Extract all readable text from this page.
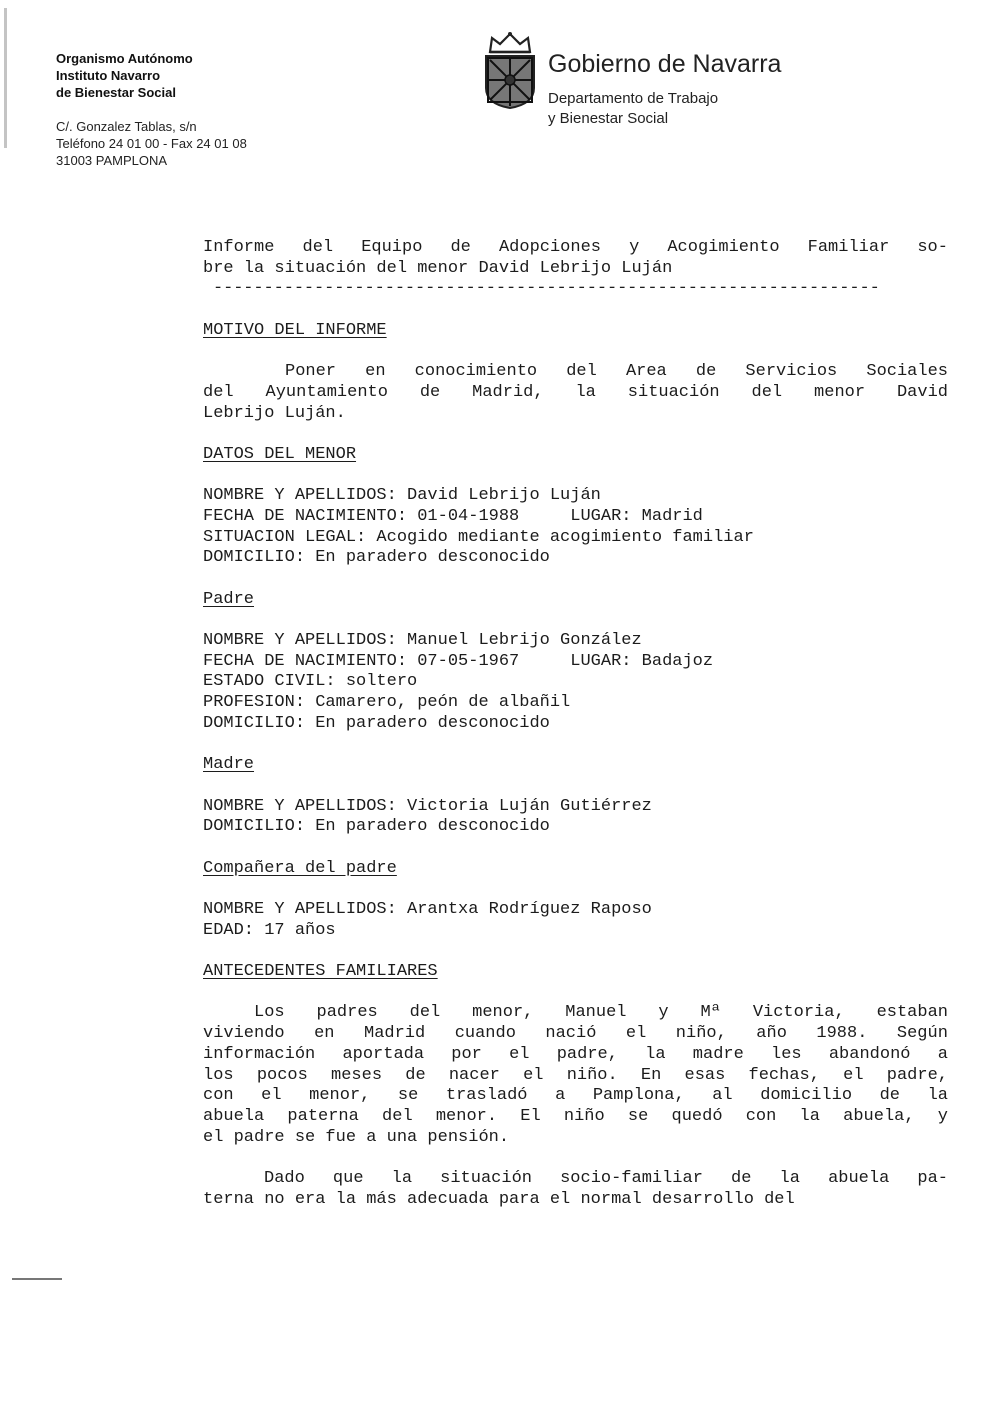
Organismo Autónomo
Instituto Navarro
de Bienestar Social
C/. Gonzalez Tablas, s/n
Teléfono 24 01 00 - Fax 24 01 08
31003 PAMPLONA
Gobierno de Navarra
Departamento de Trabajo
y Bienestar Social
Informe del Equipo de Adopciones y Acogimiento Familiar so-
bre la situación del menor David Lebrijo Luján
------------------------------------------------------------------
MOTIVO DEL INFORME
Poner en conocimiento del Area de Servicios Sociales
del Ayuntamiento de Madrid, la situación del menor David
Lebrijo Luján.
DATOS DEL MENOR
NOMBRE Y APELLIDOS: David Lebrijo Luján
FECHA DE NACIMIENTO: 01-04-1988     LUGAR: Madrid
SITUACION LEGAL: Acogido mediante acogimiento familiar
DOMICILIO: En paradero desconocido
Padre
NOMBRE Y APELLIDOS: Manuel Lebrijo González
FECHA DE NACIMIENTO: 07-05-1967     LUGAR: Badajoz
ESTADO CIVIL: soltero
PROFESION: Camarero, peón de albañil
DOMICILIO: En paradero desconocido
Madre
NOMBRE Y APELLIDOS: Victoria Luján Gutiérrez
DOMICILIO: En paradero desconocido
Compañera del padre
NOMBRE Y APELLIDOS: Arantxa Rodríguez Raposo
EDAD: 17 años
ANTECEDENTES FAMILIARES
Los padres del menor, Manuel y Mª Victoria, estaban
viviendo en Madrid cuando nació el niño, año 1988. Según
información aportada por el padre, la madre les abandonó a
los pocos meses de nacer el niño. En esas fechas, el padre,
con el menor, se trasladó a Pamplona, al domicilio de la
abuela paterna del menor. El niño se quedó con la abuela, y
el padre se fue a una pensión.
Dado que la situación socio-familiar de la abuela pa-
terna no era la más adecuada para el normal desarrollo del
